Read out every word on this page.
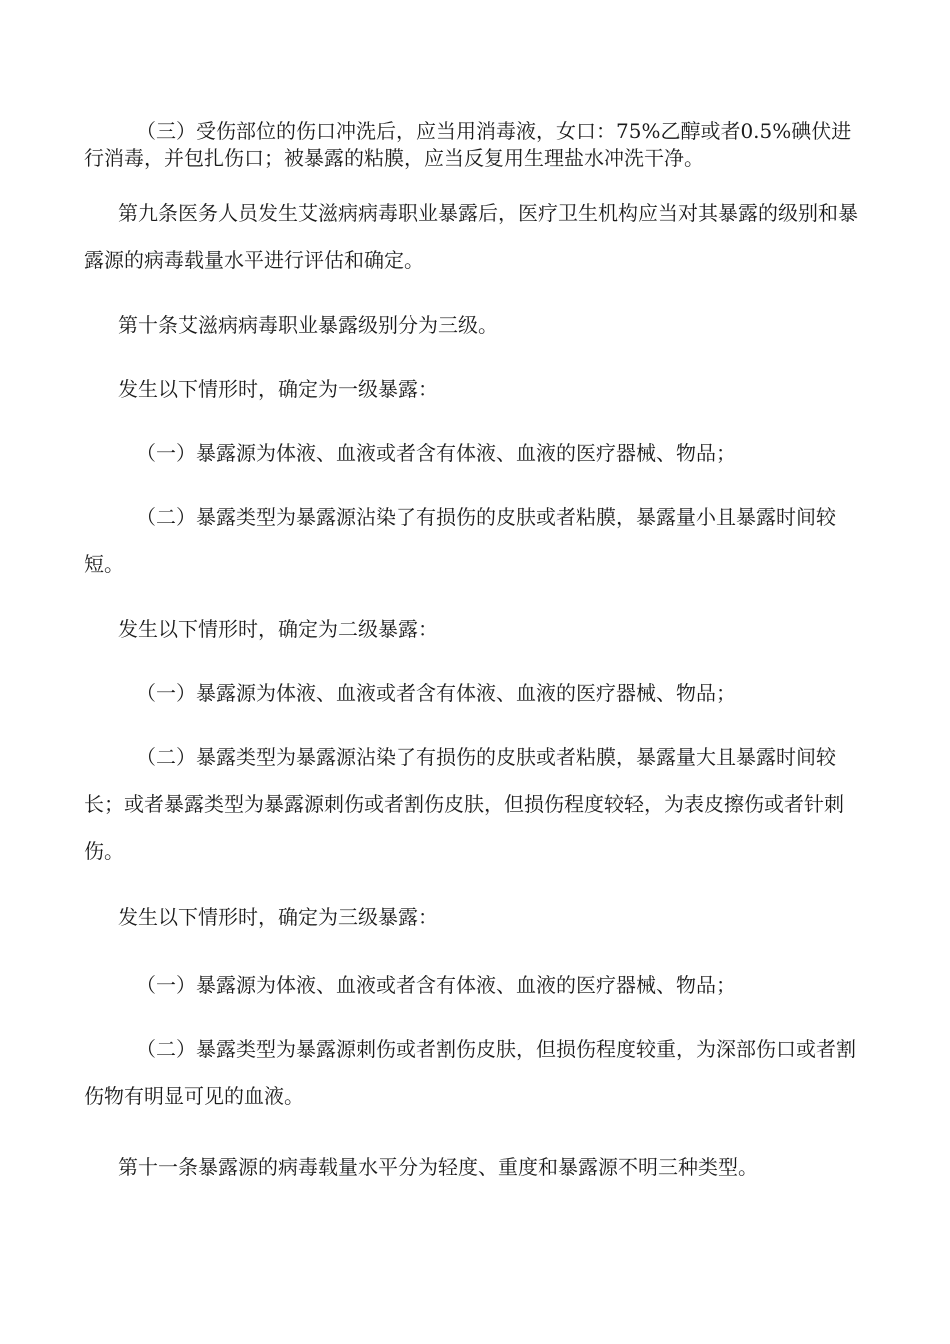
（三）受伤部位的伤口冲洗后，应当用消毒液，女口：75%乙醇或者0.5%碘伏进行消毒，并包扎伤口；被暴露的粘膜，应当反复用生理盐水冲洗干净。

第九条医务人员发生艾滋病病毒职业暴露后，医疗卫生机构应当对其暴露的级别和暴露源的病毒载量水平进行评估和确定。

第十条艾滋病病毒职业暴露级别分为三级。

发生以下情形时，确定为一级暴露：

（一）暴露源为体液、血液或者含有体液、血液的医疗器械、物品；

（二）暴露类型为暴露源沾染了有损伤的皮肤或者粘膜，暴露量小且暴露时间较短。

发生以下情形时，确定为二级暴露：

（一）暴露源为体液、血液或者含有体液、血液的医疗器械、物品；

（二）暴露类型为暴露源沾染了有损伤的皮肤或者粘膜，暴露量大且暴露时间较长；或者暴露类型为暴露源刺伤或者割伤皮肤，但损伤程度较轻，为表皮擦伤或者针刺伤。

发生以下情形时，确定为三级暴露：

（一）暴露源为体液、血液或者含有体液、血液的医疗器械、物品；

（二）暴露类型为暴露源刺伤或者割伤皮肤，但损伤程度较重，为深部伤口或者割伤物有明显可见的血液。

第十一条暴露源的病毒载量水平分为轻度、重度和暴露源不明三种类型。
